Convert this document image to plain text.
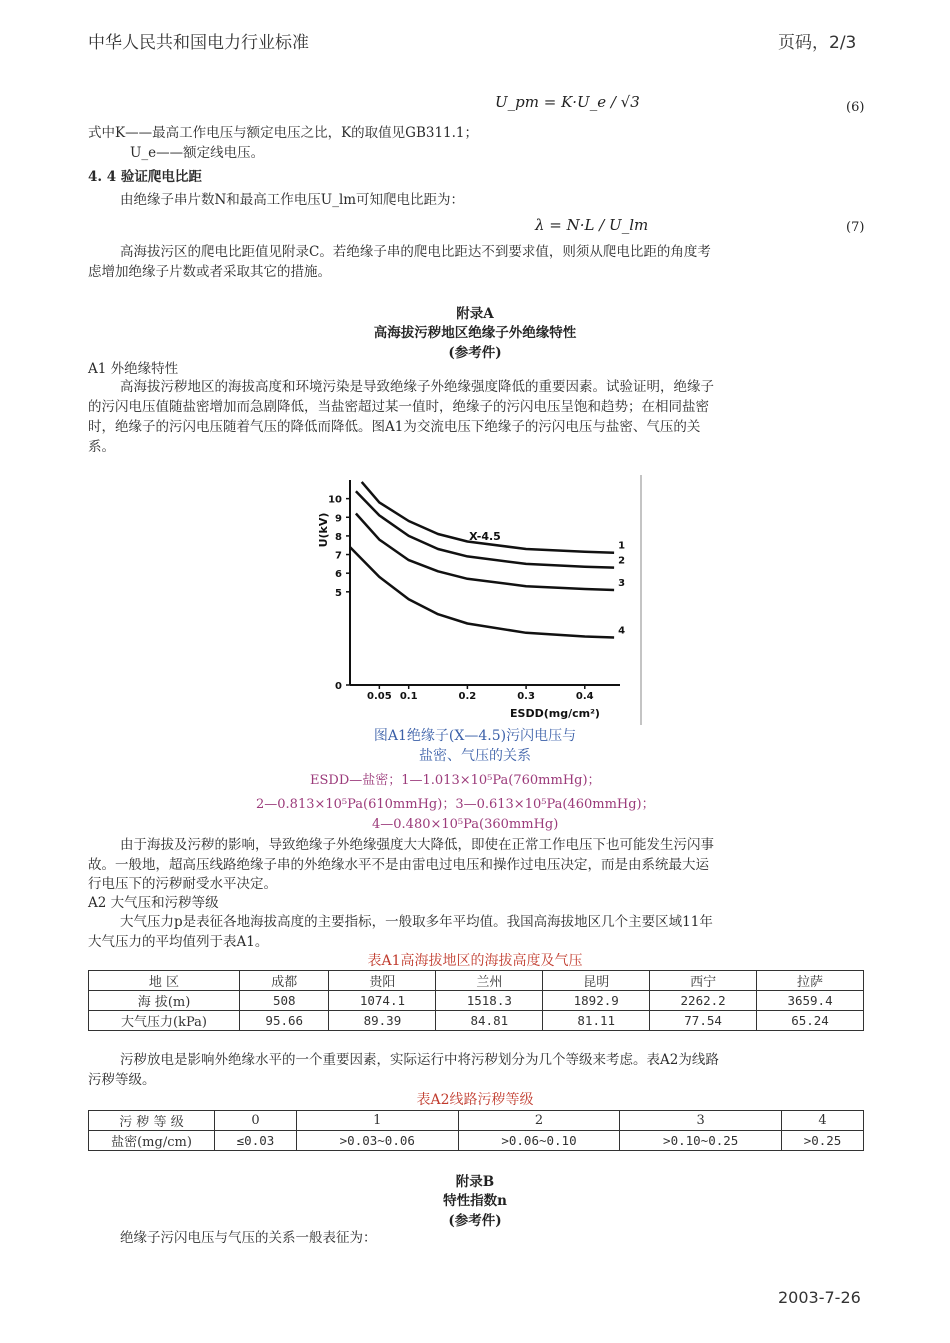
中华人民共和国电力行业标准	页码，2/3
U_pm = K·U_e / √3	(6)
式中K——最高工作电压与额定电压之比，K的取值见GB311.1；
U_e——额定线电压。
4. 4 验证爬电比距
由绝缘子串片数N和最高工作电压U_lm可知爬电比距为：
λ = N·L / U_lm	(7)
高海拔污区的爬电比距值见附录C。若绝缘子串的爬电比距达不到要求值，则须从爬电比距的角度考
虑增加绝缘子片数或者采取其它的措施。
附录A
高海拔污秽地区绝缘子外绝缘特性
(参考件)
A1 外绝缘特性
高海拔污秽地区的海拔高度和环境污染是导致绝缘子外绝缘强度降低的重要因素。试验证明，绝缘子
的污闪电压值随盐密增加而急剧降低，当盐密超过某一值时，绝缘子的污闪电压呈饱和趋势；在相同盐密
时，绝缘子的污闪电压随着气压的降低而降低。图A1为交流电压下绝缘子的污闪电压与盐密、气压的关
系。
0
5
6
7
8
9
10
0.05 0.1	0.2	0.3	0.4
U(kV)
ESDD(mg/cm²)
X-4.5
1
2
3
4
图A1绝缘子(X—4.5)污闪电压与
盐密、气压的关系
ESDD—盐密；1—1.013×10⁵Pa(760mmHg)；
2—0.813×10⁵Pa(610mmHg)；3—0.613×10⁵Pa(460mmHg)；
4—0.480×10⁵Pa(360mmHg)
由于海拔及污秽的影响，导致绝缘子外绝缘强度大大降低，即使在正常工作电压下也可能发生污闪事
故。一般地，超高压线路绝缘子串的外绝缘水平不是由雷电过电压和操作过电压决定，而是由系统最大运
行电压下的污秽耐受水平决定。
A2 大气压和污秽等级
大气压力p是表征各地海拔高度的主要指标，一般取多年平均值。我国高海拔地区几个主要区域11年
大气压力的平均值列于表A1。
表A1高海拔地区的海拔高度及气压
地 区	成都	贵阳	兰州	昆明	西宁	拉萨
海 拔(m)	508	1074.1	1518.3	1892.9	2262.2	3659.4
大气压力(kPa)	95.66	89.39	84.81	81.11	77.54	65.24
污秽放电是影响外绝缘水平的一个重要因素，实际运行中将污秽划分为几个等级来考虑。表A2为线路
污秽等级。
表A2线路污秽等级
污 秽 等 级	0	1	2	3	4
盐密(mg/cm)	≤0.03	>0.03~0.06	>0.06~0.10	>0.10~0.25	>0.25
附录B
特性指数n
(参考件)
绝缘子污闪电压与气压的关系一般表征为：
2003-7-26
